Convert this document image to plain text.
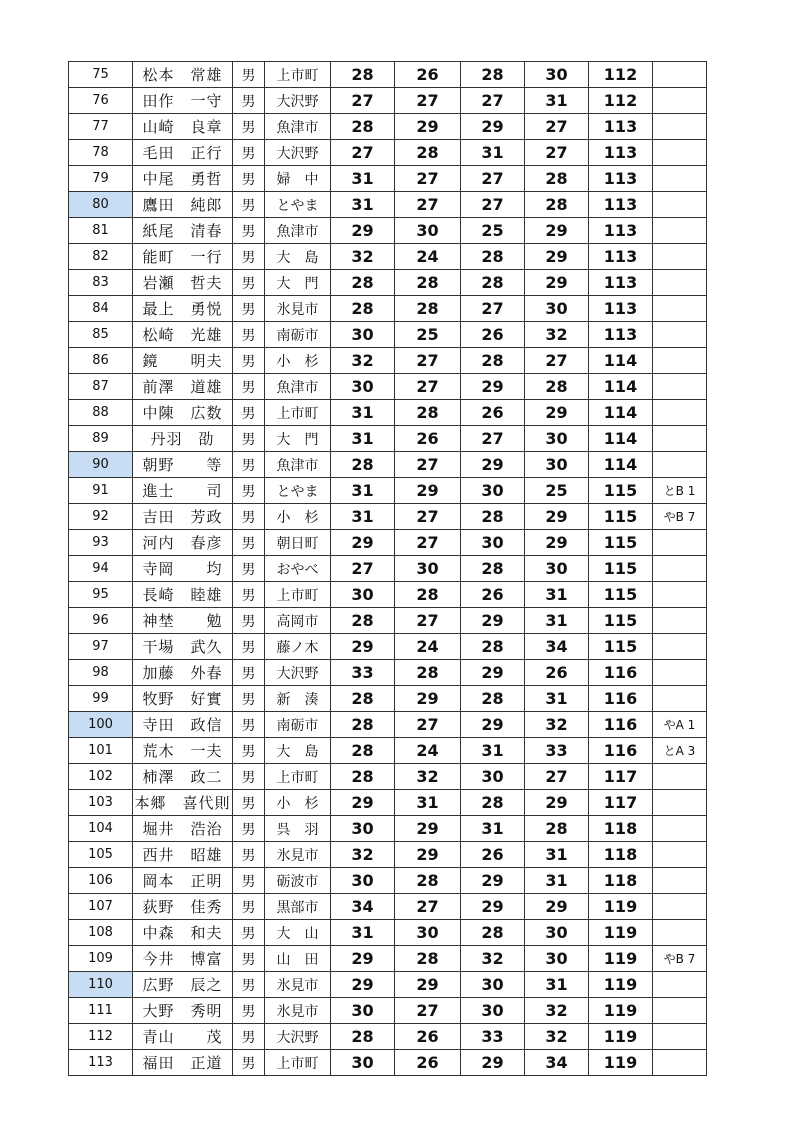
75	松本　常雄	男	上市町	28	26	28	30	112	
76	田作　一守	男	大沢野	27	27	27	31	112	
77	山崎　良章	男	魚津市	28	29	29	27	113	
78	毛田　正行	男	大沢野	27	28	31	27	113	
79	中尾　勇哲	男	婦　中	31	27	27	28	113	
80	鷹田　純郎	男	とやま	31	27	27	28	113	
81	紙尾　清春	男	魚津市	29	30	25	29	113	
82	能町　一行	男	大　島	32	24	28	29	113	
83	岩瀬　哲夫	男	大　門	28	28	28	29	113	
84	最上　勇悦	男	氷見市	28	28	27	30	113	
85	松崎　光雄	男	南砺市	30	25	26	32	113	
86	鏡　　明夫	男	小　杉	32	27	28	27	114	
87	前澤　道雄	男	魚津市	30	27	29	28	114	
88	中陳　広数	男	上市町	31	28	26	29	114	
89	丹羽　劭	男	大　門	31	26	27	30	114	
90	朝野　　等	男	魚津市	28	27	29	30	114	
91	進士　　司	男	とやま	31	29	30	25	115	とB 1
92	吉田　芳政	男	小　杉	31	27	28	29	115	やB 7
93	河内　春彦	男	朝日町	29	27	30	29	115	
94	寺岡　　均	男	おやべ	27	30	28	30	115	
95	長崎　睦雄	男	上市町	30	28	26	31	115	
96	神埜　　勉	男	高岡市	28	27	29	31	115	
97	干場　武久	男	藤ノ木	29	24	28	34	115	
98	加藤　外春	男	大沢野	33	28	29	26	116	
99	牧野　好實	男	新　湊	28	29	28	31	116	
100	寺田　政信	男	南砺市	28	27	29	32	116	やA 1
101	荒木　一夫	男	大　島	28	24	31	33	116	とA 3
102	柿澤　政二	男	上市町	28	32	30	27	117	
103	本郷　喜代則	男	小　杉	29	31	28	29	117	
104	堀井　浩治	男	呉　羽	30	29	31	28	118	
105	西井　昭雄	男	氷見市	32	29	26	31	118	
106	岡本　正明	男	砺波市	30	28	29	31	118	
107	荻野　佳秀	男	黒部市	34	27	29	29	119	
108	中森　和夫	男	大　山	31	30	28	30	119	
109	今井　博富	男	山　田	29	28	32	30	119	やB 7
110	広野　辰之	男	氷見市	29	29	30	31	119	
111	大野　秀明	男	氷見市	30	27	30	32	119	
112	青山　　茂	男	大沢野	28	26	33	32	119	
113	福田　正道	男	上市町	30	26	29	34	119	
